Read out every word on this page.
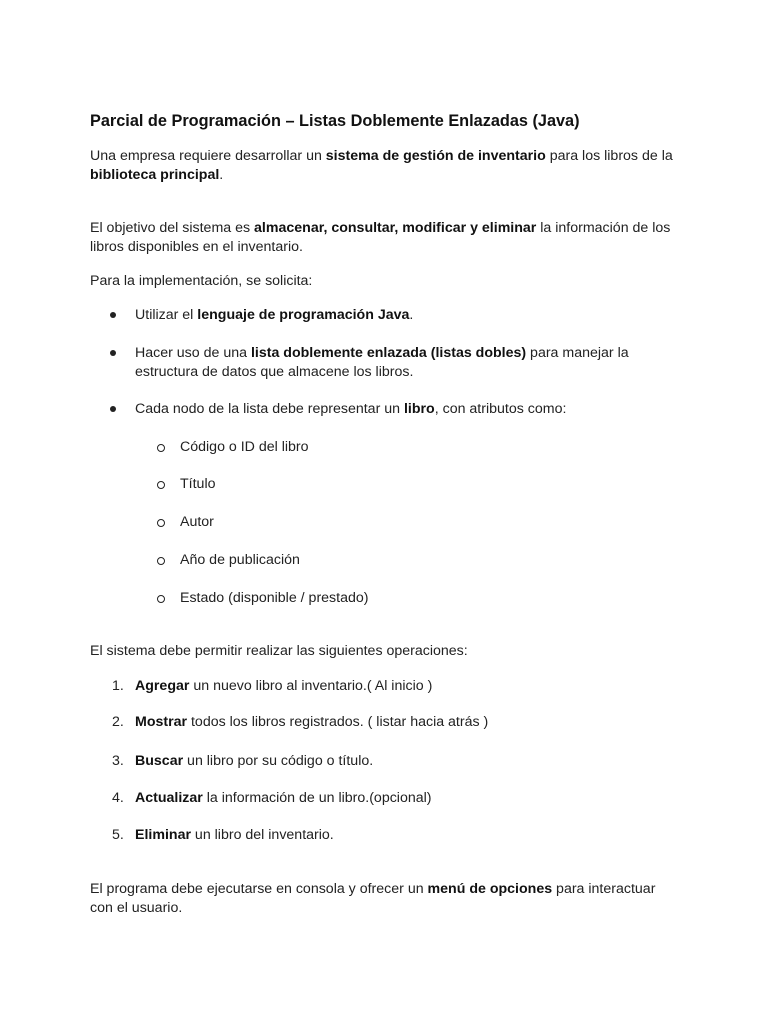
Parcial de Programación – Listas Doblemente Enlazadas (Java)

Una empresa requiere desarrollar un sistema de gestión de inventario para los libros de la biblioteca principal.

El objetivo del sistema es almacenar, consultar, modificar y eliminar la información de los libros disponibles en el inventario.

Para la implementación, se solicita:

Utilizar el lenguaje de programación Java.
Hacer uso de una lista doblemente enlazada (listas dobles) para manejar la estructura de datos que almacene los libros.
Cada nodo de la lista debe representar un libro, con atributos como:
Código o ID del libro
Título
Autor
Año de publicación
Estado (disponible / prestado)

El sistema debe permitir realizar las siguientes operaciones:

1. Agregar un nuevo libro al inventario.( Al inicio )
2. Mostrar todos los libros registrados. ( listar hacia atrás )
3. Buscar un libro por su código o título.
4. Actualizar la información de un libro.(opcional)
5. Eliminar un libro del inventario.

El programa debe ejecutarse en consola y ofrecer un menú de opciones para interactuar con el usuario.
